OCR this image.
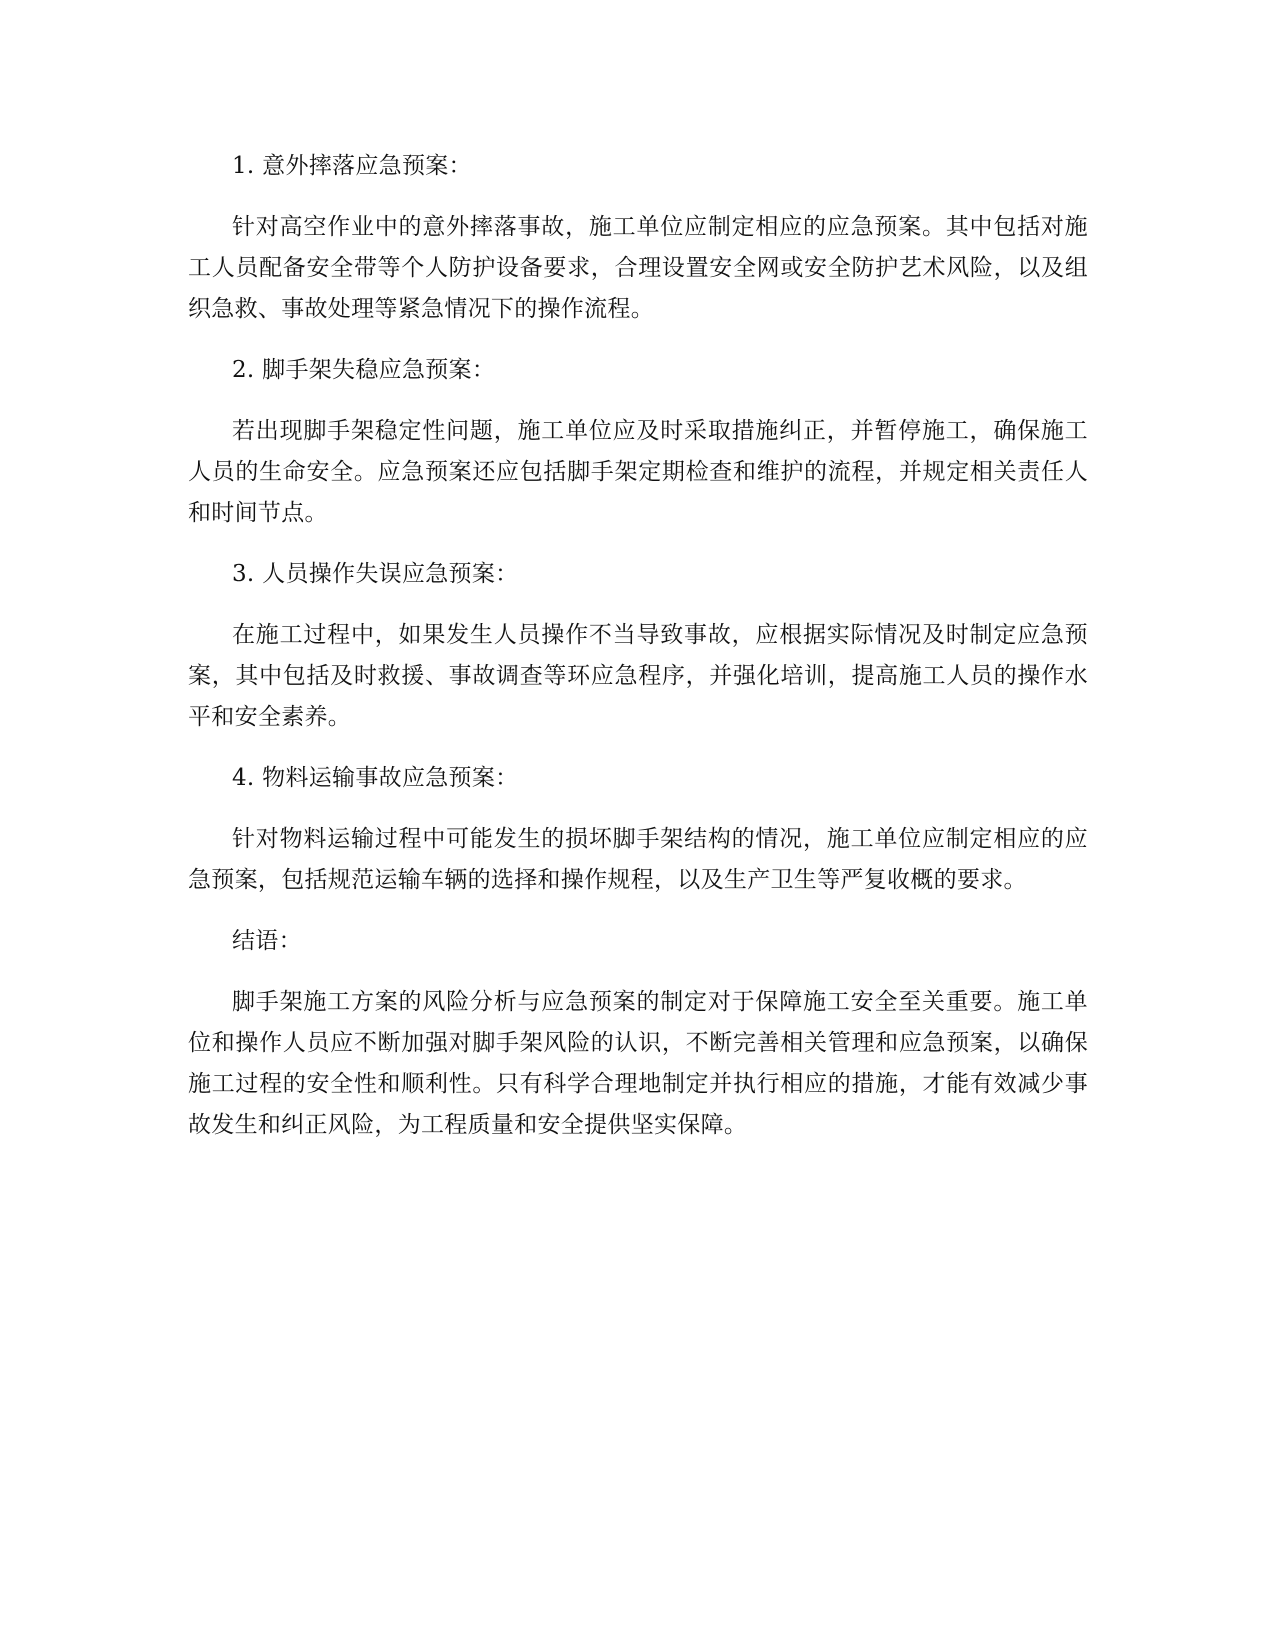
1. 意外摔落应急预案：

针对高空作业中的意外摔落事故，施工单位应制定相应的应急预案。其中包括对施工人员配备安全带等个人防护设备要求，合理设置安全网或安全防护艺术风险，以及组织急救、事故处理等紧急情况下的操作流程。

2. 脚手架失稳应急预案：

若出现脚手架稳定性问题，施工单位应及时采取措施纠正，并暂停施工，确保施工人员的生命安全。应急预案还应包括脚手架定期检查和维护的流程，并规定相关责任人和时间节点。

3. 人员操作失误应急预案：

在施工过程中，如果发生人员操作不当导致事故，应根据实际情况及时制定应急预案，其中包括及时救援、事故调查等环应急程序，并强化培训，提高施工人员的操作水平和安全素养。

4. 物料运输事故应急预案：

针对物料运输过程中可能发生的损坏脚手架结构的情况，施工单位应制定相应的应急预案，包括规范运输车辆的选择和操作规程，以及生产卫生等严复收概的要求。

结语：

脚手架施工方案的风险分析与应急预案的制定对于保障施工安全至关重要。施工单位和操作人员应不断加强对脚手架风险的认识，不断完善相关管理和应急预案，以确保施工过程的安全性和顺利性。只有科学合理地制定并执行相应的措施，才能有效减少事故发生和纠正风险，为工程质量和安全提供坚实保障。
